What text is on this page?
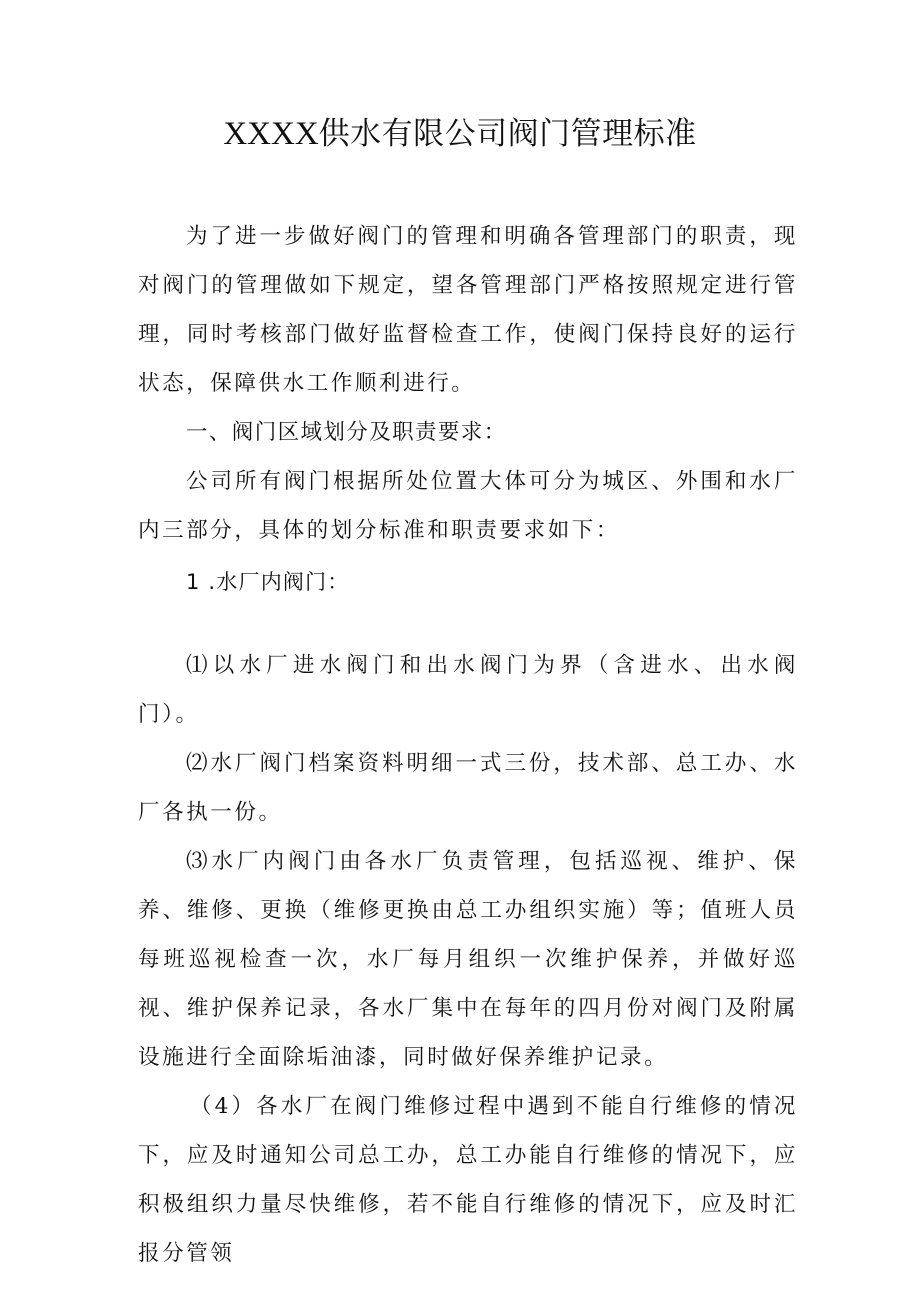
XXXX供水有限公司阀门管理标准

为了进一步做好阀门的管理和明确各管理部门的职责，现对阀门的管理做如下规定，望各管理部门严格按照规定进行管理，同时考核部门做好监督检查工作，使阀门保持良好的运行状态，保障供水工作顺利进行。

一、阀门区域划分及职责要求：

公司所有阀门根据所处位置大体可分为城区、外围和水厂内三部分，具体的划分标准和职责要求如下：

1 .水厂内阀门：

⑴以水厂进水阀门和出水阀门为界（含进水、出水阀门）。

⑵水厂阀门档案资料明细一式三份，技术部、总工办、水厂各执一份。

⑶水厂内阀门由各水厂负责管理，包括巡视、维护、保养、维修、更换（维修更换由总工办组织实施）等；值班人员每班巡视检查一次，水厂每月组织一次维护保养，并做好巡视、维护保养记录，各水厂集中在每年的四月份对阀门及附属设施进行全面除垢油漆，同时做好保养维护记录。

（4）各水厂在阀门维修过程中遇到不能自行维修的情况下，应及时通知公司总工办，总工办能自行维修的情况下，应积极组织力量尽快维修，若不能自行维修的情况下，应及时汇报分管领
